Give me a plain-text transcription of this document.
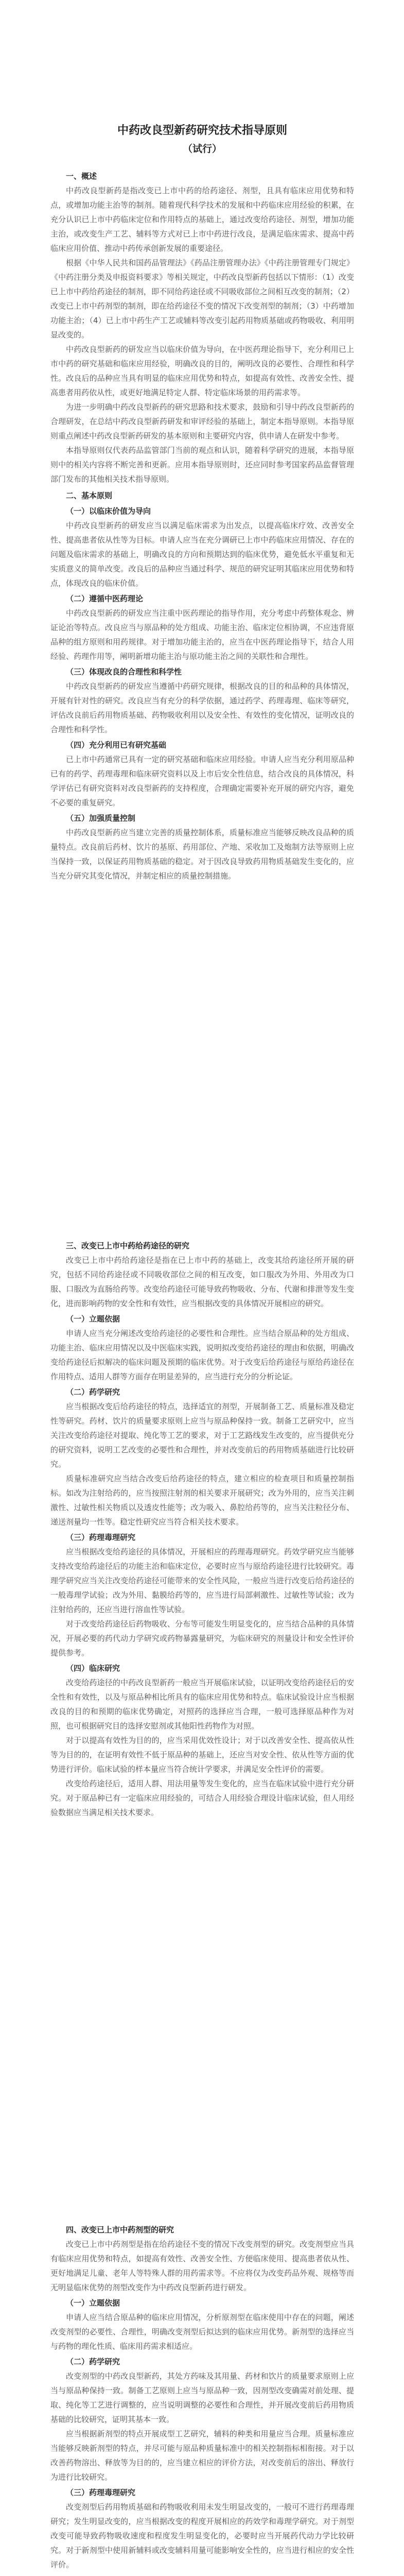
中药改良型新药研究技术指导原则
（试行）
一、概述

中药改良型新药是指改变已上市中药的给药途径、剂型，且具有临床应用优势和特点，或增加功能主治等的制剂。随着现代科学技术的发展和中药临床应用经验的积累，在充分认识已上市中药临床定位和作用特点的基础上，通过改变给药途径、剂型，增加功能主治，或改变生产工艺、辅料等方式对已上市中药进行改良，是满足临床需求、提高中药临床应用价值、推动中药传承创新发展的重要途径。

根据《中华人民共和国药品管理法》《药品注册管理办法》《中药注册管理专门规定》《中药注册分类及申报资料要求》等相关规定，中药改良型新药包括以下情形：（1）改变已上市中药给药途径的制剂，即不同给药途径或不同吸收部位之间相互改变的制剂；（2）改变已上市中药剂型的制剂，即在给药途径不变的情况下改变剂型的制剂；（3）中药增加功能主治；（4）已上市中药生产工艺或辅料等改变引起药用物质基础或药物吸收、利用明显改变的。

中药改良型新药的研发应当以临床价值为导向，在中医药理论指导下，充分利用已上市中药的研究基础和临床应用经验，明确改良的目的，阐明改良的必要性、合理性和科学性。改良后的品种应当具有明显的临床应用优势和特点，如提高有效性、改善安全性、提高患者用药依从性，或更好地满足特定人群、特定临床场景的用药需求等。

为进一步明确中药改良型新药的研究思路和技术要求，鼓励和引导中药改良型新药的合理研发，在总结中药改良型新药研发和审评经验的基础上，制定本指导原则。本指导原则重点阐述中药改良型新药研发的基本原则和主要研究内容，供申请人在研发中参考。

本指导原则仅代表药品监管部门当前的观点和认识，随着科学研究的进展，本指导原则中的相关内容将不断完善和更新。应用本指导原则时，还应同时参考国家药品监督管理部门发布的其他相关技术指导原则。

二、基本原则
（一）以临床价值为导向

中药改良型新药的研发应当以满足临床需求为出发点，以提高临床疗效、改善安全性、提高患者依从性等为目标。申请人应当在充分调研已上市中药临床应用情况、存在的问题及临床需求的基础上，明确改良的方向和预期达到的临床优势，避免低水平重复和无实质意义的简单改变。改良后的品种应当通过科学、规范的研究证明其临床应用优势和特点，体现改良的临床价值。

（二）遵循中医药理论

中药改良型新药的研发应当注重中医药理论的指导作用，充分考虑中药整体观念、辨证论治等特点。改良应当与原品种的处方组成、功能主治、临床定位相协调，不应违背原品种的组方原则和用药规律。对于增加功能主治的，应当在中医药理论指导下，结合人用经验、药理作用等，阐明新增功能主治与原功能主治之间的关联性和合理性。

（三）体现改良的合理性和科学性

中药改良型新药的研发应当遵循中药研究规律，根据改良的目的和品种的具体情况，开展有针对性的研究。改良应当有充分的科学依据，通过药学、药理毒理、临床等研究，评估改良前后药用物质基础、药物吸收利用以及安全性、有效性的变化情况，证明改良的合理性和科学性。

（四）充分利用已有研究基础

已上市中药通常已具有一定的研究基础和临床应用经验。申请人应当充分利用原品种已有的药学、药理毒理和临床研究资料以及上市后安全性信息，结合改良的具体情况，科学评估已有研究资料对改良型新药的支持程度，合理确定需要补充开展的研究内容，避免不必要的重复研究。

（五）加强质量控制

中药改良型新药应当建立完善的质量控制体系，质量标准应当能够反映改良品种的质量特点。改良前后药材、饮片的基原、药用部位、产地、采收加工及炮制方法等原则上应当保持一致，以保证药用物质基础的稳定。对于因改良导致药用物质基础发生变化的，应当充分研究其变化情况，并制定相应的质量控制措施。

三、改变已上市中药给药途径的研究

改变已上市中药给药途径是指在已上市中药的基础上，改变其给药途径所开展的研究，包括不同给药途径或不同吸收部位之间的相互改变，如口服改为外用、外用改为口服、口服改为直肠给药等。改变给药途径可能导致药物吸收、分布、代谢和排泄等发生变化，进而影响药物的安全性和有效性，应当根据改变的具体情况开展相应的研究。

（一）立题依据

申请人应当充分阐述改变给药途径的必要性和合理性。应当结合原品种的处方组成、功能主治、临床应用情况以及中医临床实践，说明拟改变给药途径的理由和依据，明确改变给药途径后拟解决的临床问题及预期的临床优势。对于改变后给药途径与原给药途径在作用特点、适用人群等方面存在明显差异的，应当进行充分的分析论证。

（二）药学研究

应当根据改变后给药途径的特点，选择适宜的剂型，开展制备工艺、质量标准及稳定性等研究。药材、饮片的质量要求原则上应当与原品种保持一致。制备工艺研究中，应当关注改变给药途径对提取、纯化等工艺的要求，对于工艺路线发生改变的，应当提供充分的研究资料，说明工艺改变的必要性和合理性，并对改变前后的药用物质基础进行比较研究。

质量标准研究应当结合改变后给药途径的特点，建立相应的检查项目和质量控制指标。如改为注射给药的，应当按照注射剂的相关要求开展研究；改为外用的，应当关注刺激性、过敏性相关物质以及透皮性能等；改为吸入、鼻腔给药等的，应当关注粒径分布、递送剂量均一性等。稳定性研究应当符合相关技术要求。

（三）药理毒理研究

应当根据改变给药途径的具体情况，开展相应的药理毒理研究。药效学研究应当能够支持改变给药途径后的功能主治和临床定位，必要时应当与原给药途径进行比较研究。毒理学研究应当关注改变给药途径可能带来的安全性风险，一般应当进行改变后给药途径的一般毒理学试验；改为外用、黏膜给药等的，应当进行局部刺激性、过敏性等试验；改为注射给药的，还应当进行溶血性等试验。

对于改变给药途径后药物吸收、分布等可能发生明显变化的，应当结合品种的具体情况，开展必要的药代动力学研究或药物暴露量研究，为临床研究的剂量设计和安全性评价提供参考。

（四）临床研究

改变给药途径的中药改良型新药一般应当开展临床试验，以证明改变给药途径后的安全性和有效性，以及与原品种相比所具有的临床应用优势和特点。临床试验设计应当根据改良的目的和预期的临床优势确定，对照药的选择应当合理，一般可选择原品种作为对照，也可根据研究目的选择安慰剂或其他阳性药物作为对照。

对于以提高有效性为目的的，应当采用优效性设计；对于以改善安全性、提高依从性等为目的的，在证明有效性不低于原品种的基础上，还应当对安全性、依从性等方面的优势进行评价。临床试验的样本量应当符合统计学要求，并满足安全性评价的需要。

改变给药途径后，适用人群、用法用量等发生变化的，应当在临床试验中进行充分研究。对于原品种已有一定临床应用经验的，可结合人用经验合理设计临床试验，但人用经验数据应当满足相关技术要求。

四、改变已上市中药剂型的研究

改变已上市中药剂型是指在给药途径不变的情况下改变剂型的研究。改变剂型应当具有临床应用优势和特点，如提高有效性、改善安全性、方便临床使用、提高患者依从性、更好地满足儿童、老年人等特殊人群的用药需求等。不应将仅为改变药品外观、规格等而无明显临床优势的剂型改变作为中药改良型新药进行研发。

（一）立题依据

申请人应当结合原品种的临床应用情况，分析原剂型在临床使用中存在的问题，阐述改变剂型的必要性、合理性，明确改变剂型后拟达到的临床应用优势。新剂型的选择应当与药物的理化性质、临床用药需求相适应。

（二）药学研究

改变剂型的中药改良型新药，其处方药味及其用量、药材和饮片的质量要求原则上应当与原品种保持一致。制备工艺原则上应当与原品种一致，因剂型改变确需对前处理、提取、纯化等工艺进行调整的，应当说明调整的必要性和合理性，并开展改变前后药用物质基础的比较研究，证明其基本一致。

应当根据新剂型的特点开展成型工艺研究，辅料的种类和用量应当合理。质量标准应当能够反映新剂型的特点，并尽可能与原品种质量标准中的相关控制指标相衔接。对于以改善药物溶出、释放等为目的的，应当建立相应的评价方法，对改变前后的溶出、释放行为进行比较研究。

（三）药理毒理研究

改变剂型后药用物质基础和药物吸收利用未发生明显改变的，一般可不进行药理毒理研究；发生明显改变的，应当根据改变的程度开展相应的药效学和毒理学研究。对于剂型改变可能导致药物吸收速度和程度发生明显变化的，必要时应当开展药代动力学比较研究。对于新剂型中使用新辅料或改变辅料用量可能影响安全性的，应当进行相应的安全性评价。
